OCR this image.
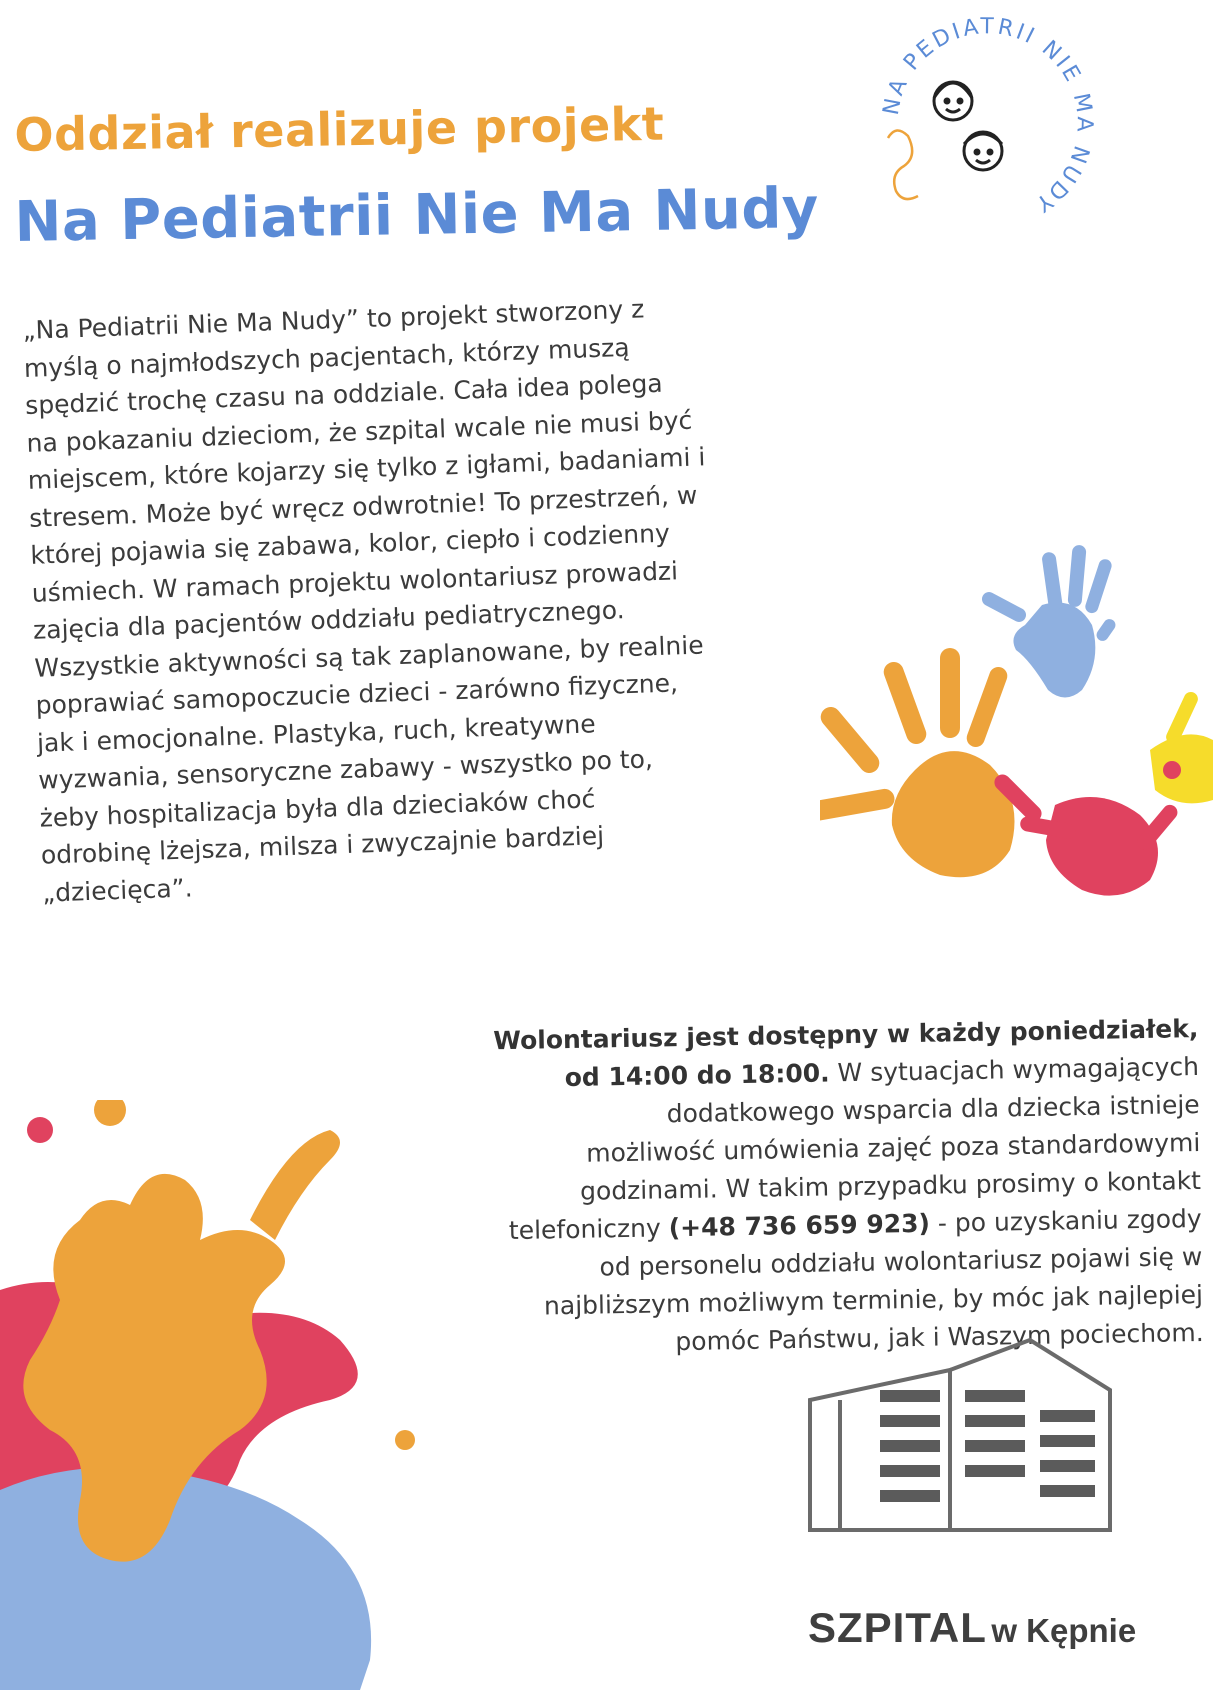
NA PEDIATRII NIE MA NUDY
Oddział realizuje projekt
Na Pediatrii Nie Ma Nudy
„Na Pediatrii Nie Ma Nudy” to projekt stworzony z
myślą o najmłodszych pacjentach, którzy muszą
spędzić trochę czasu na oddziale. Cała idea polega
na pokazaniu dzieciom, że szpital wcale nie musi być
miejscem, które kojarzy się tylko z igłami, badaniami i
stresem. Może być wręcz odwrotnie! To przestrzeń, w
której pojawia się zabawa, kolor, ciepło i codzienny
uśmiech. W ramach projektu wolontariusz prowadzi
zajęcia dla pacjentów oddziału pediatrycznego.
Wszystkie aktywności są tak zaplanowane, by realnie
poprawiać samopoczucie dzieci - zarówno fizyczne,
jak i emocjonalne. Plastyka, ruch, kreatywne
wyzwania, sensoryczne zabawy - wszystko po to,
żeby hospitalizacja była dla dzieciaków choć
odrobinę lżejsza, milsza i zwyczajnie bardziej
„dziecięca”.
Wolontariusz jest dostępny w każdy poniedziałek,
od 14:00 do 18:00. W sytuacjach wymagających
dodatkowego wsparcia dla dziecka istnieje
możliwość umówienia zajęć poza standardowymi
godzinami. W takim przypadku prosimy o kontakt
telefoniczny (+48 736 659 923) - po uzyskaniu zgody
od personelu oddziału wolontariusz pojawi się w
najbliższym możliwym terminie, by móc jak najlepiej
pomóc Państwu, jak i Waszym pociechom.
SZPITAL w Kępnie
